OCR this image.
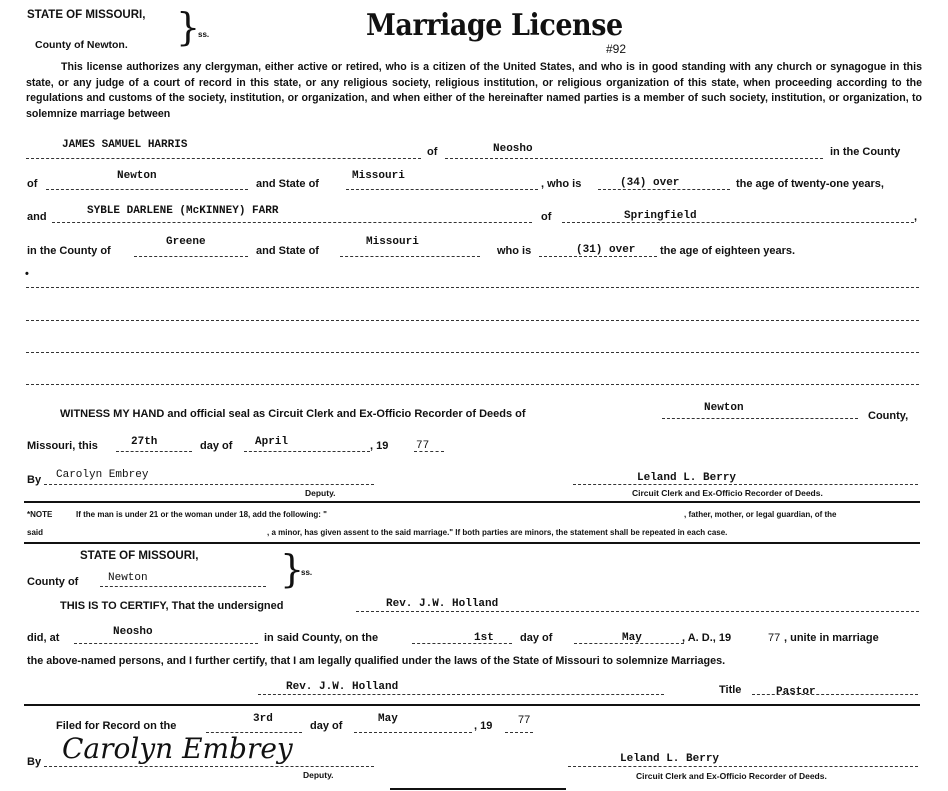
STATE OF MISSOURI,
County of Newton. }
ss.	Marriage License
#92
This license authorizes any clergyman, either active or retired, who is a citizen of the United States, and who is in good standing with any church or synagogue in this state, or any judge of a court of record in this state, or any religious society, religious institution, or religious organization of this state, when proceeding according to the regulations and customs of the society, institution, or organization, and when either of the hereinafter named parties is a member of such society, institution, or organization, to solemnize marriage between
JAMES SAMUEL HARRIS
of	Neosho	in the County
of
Newton
and State of
Missouri
, who is	(34) over	the age of twenty-one years,
and	SYBLE DARLENE (McKINNEY) FARR	of	Springfield	,
in the County of
Greene
and State of
Missouri
who is	(31) over the age of eighteen years.
•
WITNESS MY HAND and official seal as Circuit Clerk and Ex-Officio Recorder of Deeds of	Newton
County,
Missouri, this	27th	day of April	, 19	77
By Carolyn Embrey
Deputy.
Leland L. Berry
Circuit Clerk and Ex-Officio Recorder of Deeds.
*NOTE	If the man is under 21 or the woman under 18, add the following: "	, father, mother, or legal guardian, of the
said	, a minor, has given assent to the said marriage." If both parties are minors, the statement shall be repeated in each case.
STATE OF MISSOURI,
County of	Newton	}
ss.
THIS IS TO CERTIFY, That the undersigned	Rev. J.W. Holland
did, at	Neosho	in said County, on the	1st day of	May	, A. D., 19	77 , unite in marriage
the above-named persons, and I further certify, that I am legally qualified under the laws of the State of Missouri to solemnize Marriages.
Rev. J.W. Holland	Title	Pastor
Filed for Record on the
3rd
day of
May
, 19 77
By Carolyn Embrey
Deputy.
Leland L. Berry
Circuit Clerk and Ex-Officio Recorder of Deeds.
